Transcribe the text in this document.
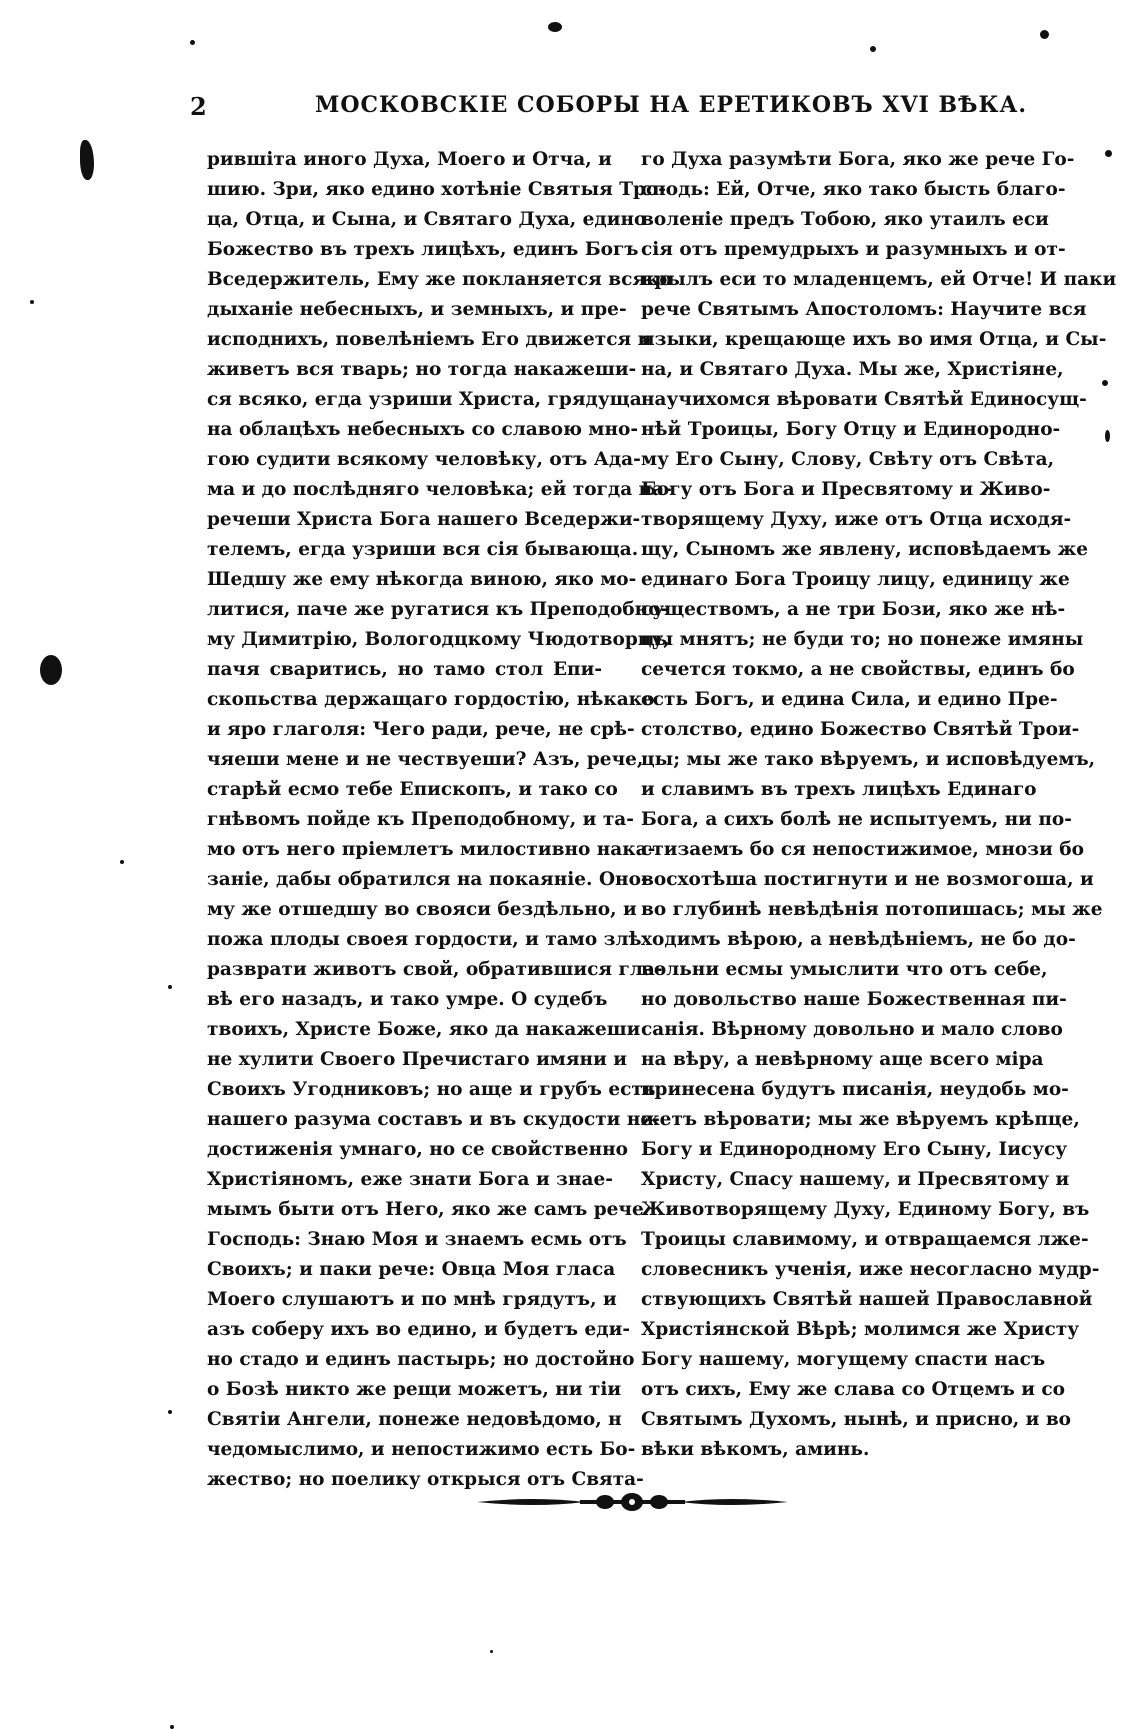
2	МОСКОВСКІЕ СОБОРЫ НА ЕРЕТИКОВЪ XVI ВѢКА.
рившіта иного Духа, Моего и Отча, и
шию. Зри, яко едино хотѣніе Святыя Тро-
ца, Отца, и Сына, и Святаго Духа, едино
Божество въ трехъ лицѣхъ, единъ Богъ
Вседержитель, Ему же покланяется всяко
дыханіе небесныхъ, и земныхъ, и пре-
исподнихъ, повелѣніемъ Его движется и
живетъ вся тварь; но тогда накажеши-
ся всяко, егда узриши Христа, грядуща
на облацѣхъ небесныхъ со славою мно-
гою судити всякому человѣку, отъ Ада-
ма и до послѣдняго человѣка; ей тогда на-
речеши Христа Бога нашего Вседержи-
телемъ, егда узриши вся сія бывающа.
Шедшу же ему нѣкогда виною, яко мо-
литися, паче же ругатися къ Преподобно-
му Димитрію, Вологодцкому Чюдотворцу,
пачя сваритись, но тамо стол Епи-
скопьства держащаго гордостію, нѣкако
и яро глаголя: Чего ради, рече, не срѣ-
чяеши мене и не чествуеши? Азъ, рече,
старѣй есмо тебе Епископъ, и тако со
гнѣвомъ пойде къ Преподобному, и та-
мо отъ него пріемлетъ милостивно нака-
заніе, дабы обратился на покаяніе. Оно-
му же отшедшу во свояси бездѣльно, и
пожа плоды своея гордости, и тамо злѣ
разврати животъ свой, обратившися гла-
вѣ его назадъ, и тако умре. О судебъ
твоихъ, Христе Боже, яко да накажеши
не хулити Своего Пречистаго имяни и
Своихъ Угодниковъ; но аще и грубъ есть
нашего разума составъ и въ скудости не-
достиженія умнаго, но се свойственно
Христіяномъ, еже знати Бога и знае-
мымъ быти отъ Него, яко же самъ рече
Господь: Знаю Моя и знаемъ есмь отъ
Своихъ; и паки рече: Овца Моя гласа
Моего слушаютъ и по мнѣ грядутъ, и
азъ соберу ихъ во едино, и будетъ еди-
но стадо и единъ пастырь; но достойно
о Бозѣ никто же рещи можетъ, ни тіи
Святіи Ангели, понеже недовѣдомо, н
чедомыслимо, и непостижимо есть Бо-
жество; но поелику открыся отъ Свята-
го Духа разумѣти Бога, яко же рече Го-
сподь: Ей, Отче, яко тако бысть благо-
воленіе предъ Тобою, яко утаилъ еси
сія отъ премудрыхъ и разумныхъ и от-
крылъ еси то младенцемъ, ей Отче! И паки
рече Святымъ Апостоломъ: Научите вся
языки, крещающе ихъ во имя Отца, и Сы-
на, и Святаго Духа. Мы же, Христіяне,
научихомся вѣровати Святѣй Единосущ-
нѣй Троицы, Богу Отцу и Единородно-
му Его Сыну, Слову, Свѣту отъ Свѣта,
Богу отъ Бога и Пресвятому и Живо-
творящему Духу, иже отъ Отца исходя-
щу, Сыномъ же явлену, исповѣдаемъ же
единаго Бога Троицу лицу, единицу же
существомъ, а не три Бози, яко же нѣ-
цы мнятъ; не буди то; но понеже имяны
сечется токмо, а не свойствы, единъ бо
есть Богъ, и едина Сила, и едино Пре-
столство, едино Божество Святѣй Трои-
цы; мы же тако вѣруемъ, и исповѣдуемъ,
и славимъ въ трехъ лицѣхъ Единаго
Бога, а сихъ болѣ не испытуемъ, ни по-
стизаемъ бо ся непостижимое, мнози бо
восхотѣша постигнути и не возмогоша, и
во глубинѣ невѣдѣнія потопишась; мы же
ходимъ вѣрою, а невѣдѣніемъ, не бо до-
вольни есмы умыслити что отъ себе,
но довольство наше Божественная пи-
санія. Вѣрному довольно и мало слово
на вѣру, а невѣрному аще всего міра
принесена будутъ писанія, неудобь мо-
жетъ вѣровати; мы же вѣруемъ крѣпце,
Богу и Единородному Его Сыну, Іисусу
Христу, Спасу нашему, и Пресвятому и
Животворящему Духу, Единому Богу, въ
Троицы славимому, и отвращаемся лже-
словесникъ ученія, иже несогласно мудр-
ствующихъ Святѣй нашей Православной
Христіянской Вѣрѣ; молимся же Христу
Богу нашему, могущему спасти насъ
отъ сихъ, Ему же слава со Отцемъ и со
Святымъ Духомъ, нынѣ, и присно, и во
вѣки вѣкомъ, аминь.
